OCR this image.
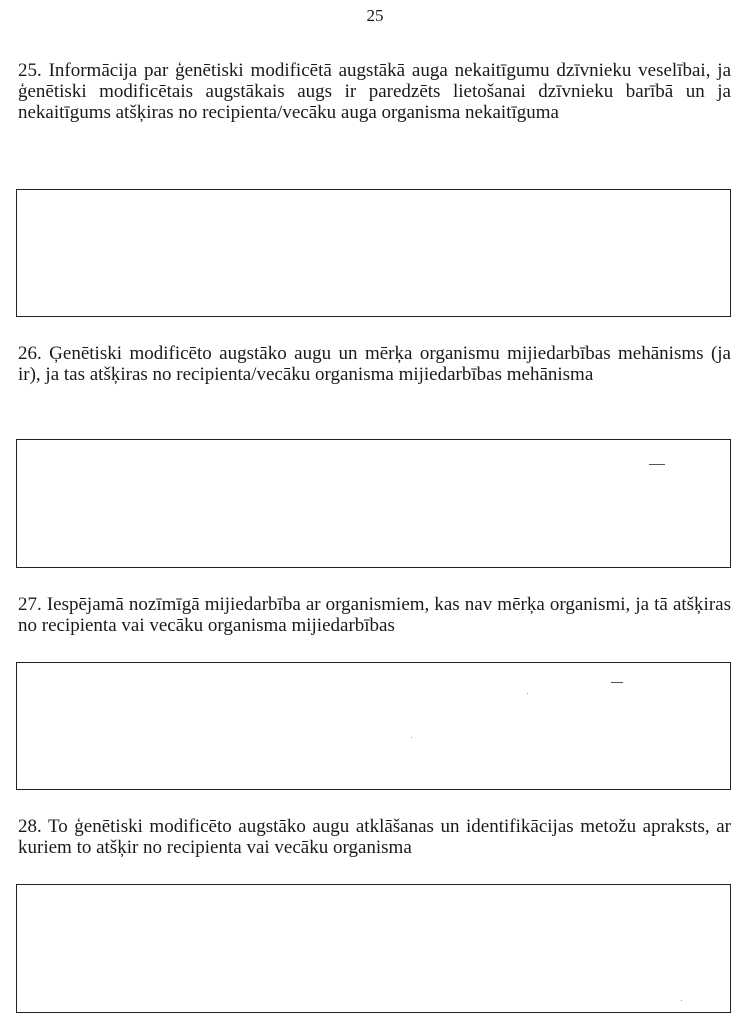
25
25. Informācija par ģenētiski modificētā augstākā auga nekaitīgumu dzīvnieku veselībai, ja ģenētiski modificētais augstākais augs ir paredzēts lietošanai dzīvnieku barībā un ja nekaitīgums atšķiras no recipienta/vecāku auga organisma nekaitīguma
26. Ģenētiski modificēto augstāko augu un mērķa organismu mijiedarbības mehānisms (ja ir), ja tas atšķiras no recipienta/vecāku organisma mijiedarbības mehānisma
27. Iespējamā nozīmīgā mijiedarbība ar organismiem, kas nav mērķa organismi, ja tā atšķiras no recipienta vai vecāku organisma mijiedarbības
28. To ģenētiski modificēto augstāko augu atklāšanas un identifikācijas metožu apraksts, ar kuriem to atšķir no recipienta vai vecāku organisma
